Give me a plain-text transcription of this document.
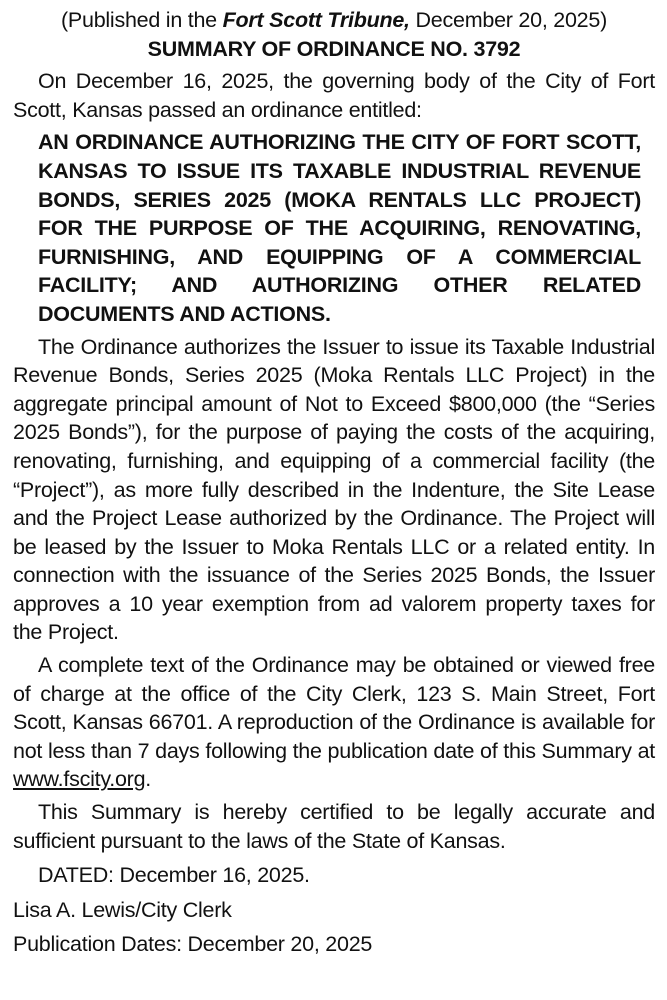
(Published in the Fort Scott Tribune, December 20, 2025)
SUMMARY OF ORDINANCE NO. 3792

On December 16, 2025, the governing body of the City of Fort Scott, Kansas passed an ordinance entitled:

AN ORDINANCE AUTHORIZING THE CITY OF FORT SCOTT, KANSAS TO ISSUE ITS TAXABLE INDUSTRIAL REVENUE BONDS, SERIES 2025 (MOKA RENTALS LLC PROJECT) FOR THE PURPOSE OF THE ACQUIRING, RENOVATING, FURNISHING, AND EQUIPPING OF A COMMERCIAL FACILITY; AND AUTHORIZING OTHER RELATED DOCUMENTS AND ACTIONS.

The Ordinance authorizes the Issuer to issue its Taxable Industrial Revenue Bonds, Series 2025 (Moka Rentals LLC Project) in the aggregate principal amount of Not to Exceed $800,000 (the “Series 2025 Bonds”), for the purpose of paying the costs of the acquiring, renovating, furnishing, and equipping of a commercial facility (the “Project”), as more fully described in the Indenture, the Site Lease and the Project Lease authorized by the Ordinance. The Project will be leased by the Issuer to Moka Rentals LLC or a related entity. In connection with the issuance of the Series 2025 Bonds, the Issuer approves a 10 year exemption from ad valorem property taxes for the Project.

A complete text of the Ordinance may be obtained or viewed free of charge at the office of the City Clerk, 123 S. Main Street, Fort Scott, Kansas 66701. A reproduction of the Ordinance is available for not less than 7 days following the publication date of this Summary at www.fscity.org.

This Summary is hereby certified to be legally accurate and sufficient pursuant to the laws of the State of Kansas.

DATED: December 16, 2025.
Lisa A. Lewis/City Clerk
Publication Dates: December 20, 2025
